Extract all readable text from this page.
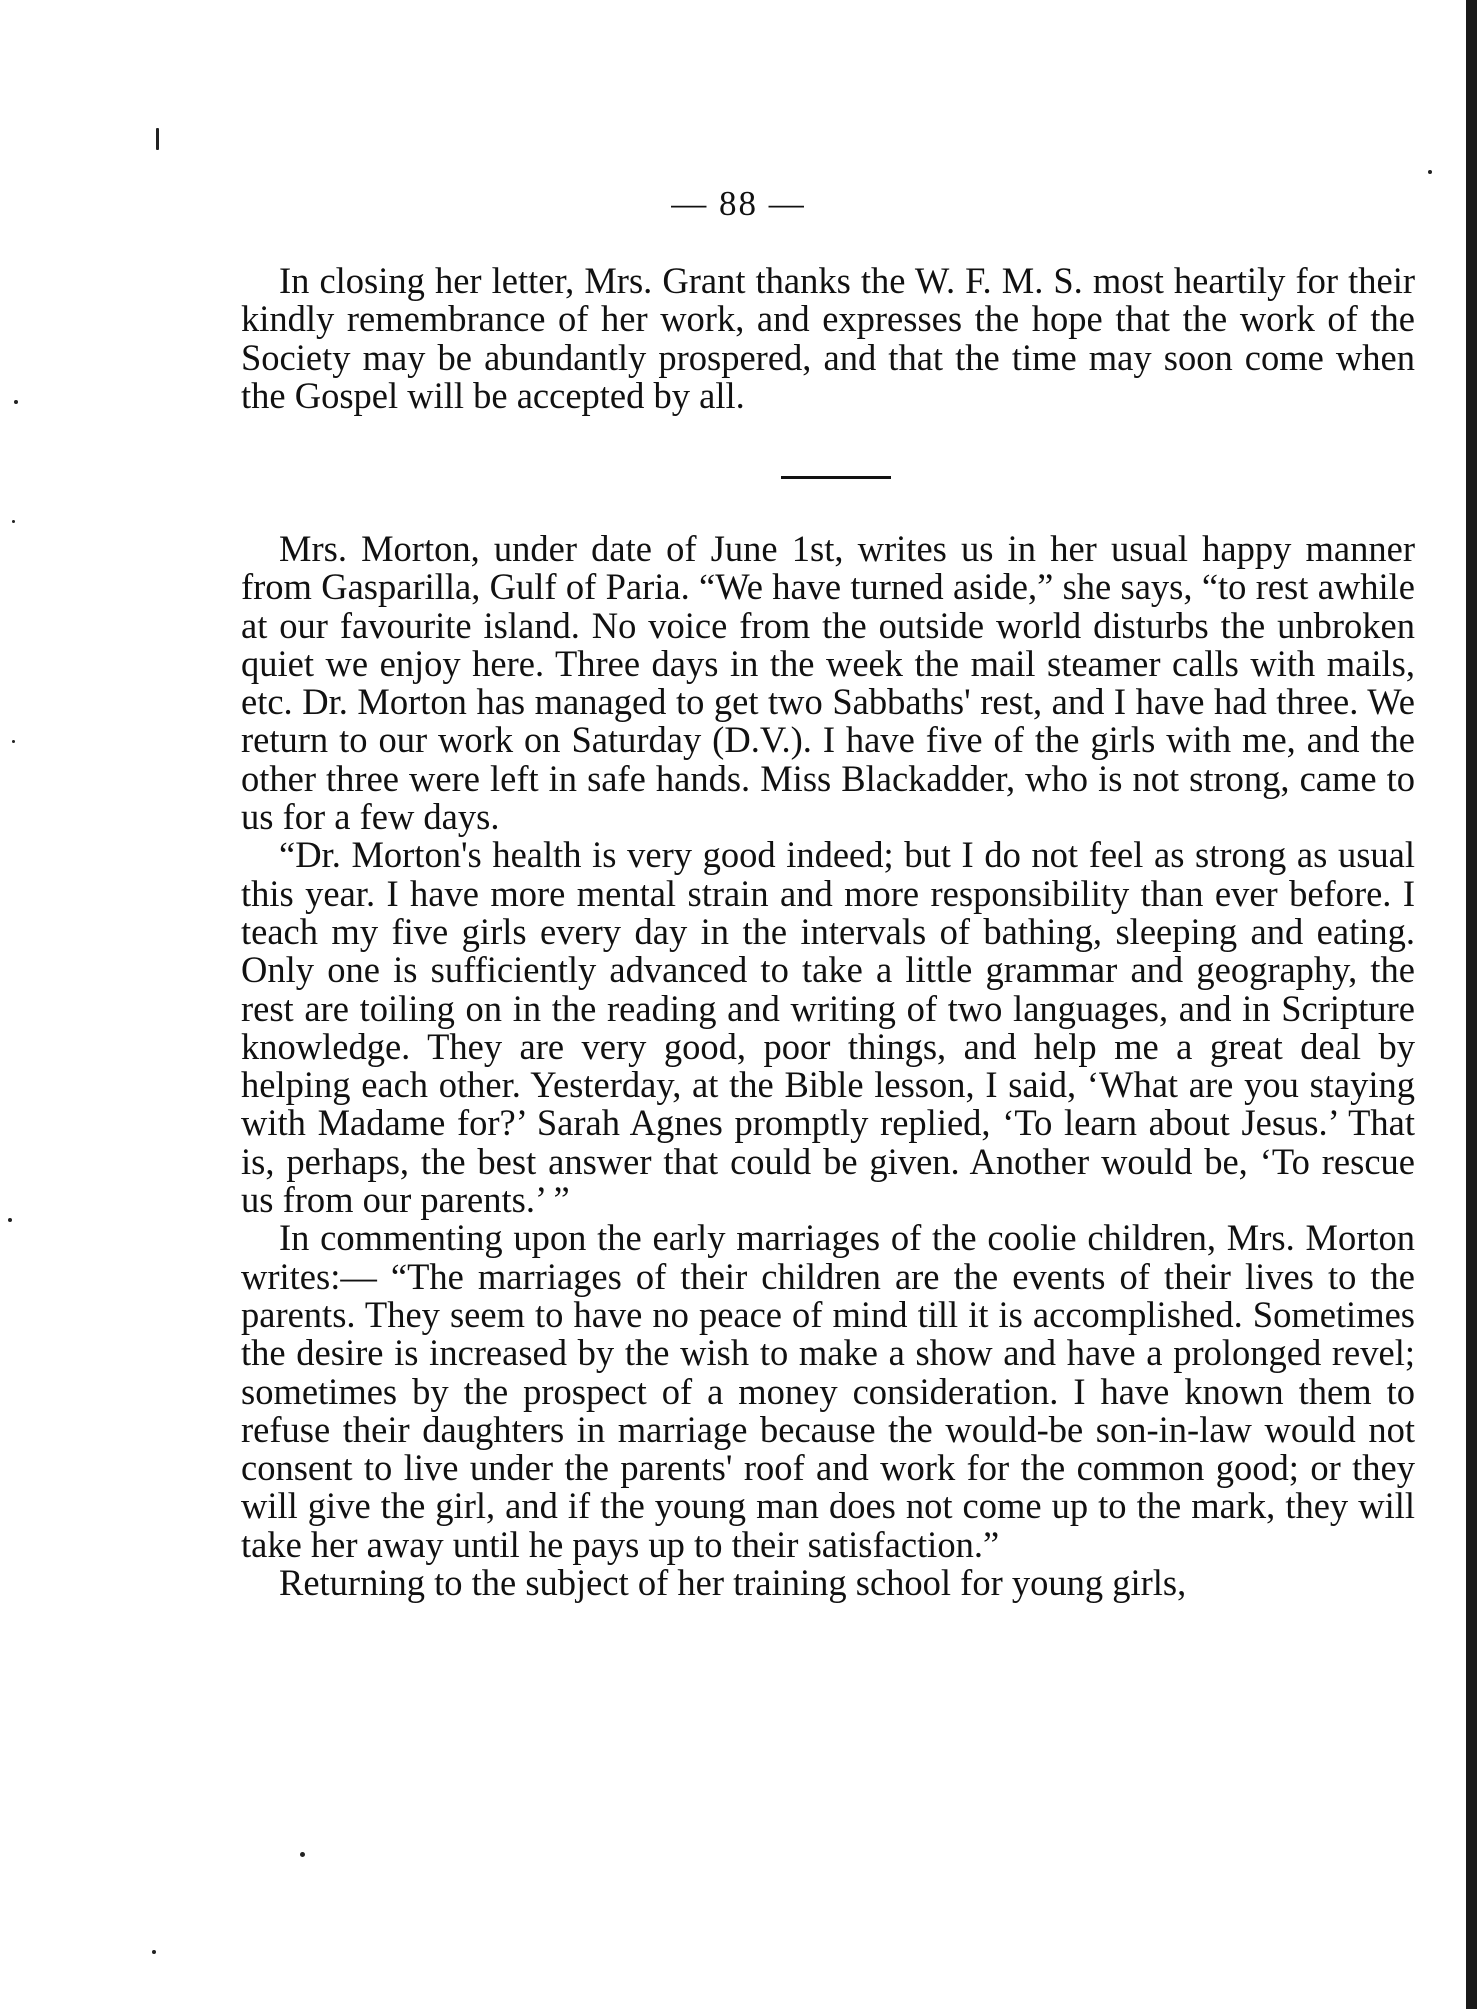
— 88 —

In closing her letter, Mrs. Grant thanks the W. F. M. S. most heartily for their kindly remembrance of her work, and expresses the hope that the work of the Society may be abundantly prospered, and that the time may soon come when the Gospel will be accepted by all.

Mrs. Morton, under date of June 1st, writes us in her usual happy manner from Gasparilla, Gulf of Paria. “We have turned aside,” she says, “to rest awhile at our favourite island. No voice from the outside world disturbs the unbroken quiet we enjoy here. Three days in the week the mail steamer calls with mails, etc. Dr. Morton has managed to get two Sabbaths' rest, and I have had three. We return to our work on Saturday (D.V.). I have five of the girls with me, and the other three were left in safe hands. Miss Blackadder, who is not strong, came to us for a few days.

“Dr. Morton's health is very good indeed; but I do not feel as strong as usual this year. I have more mental strain and more responsibility than ever before. I teach my five girls every day in the intervals of bathing, sleeping and eating. Only one is sufficiently advanced to take a little grammar and geography, the rest are toiling on in the reading and writing of two languages, and in Scripture knowledge. They are very good, poor things, and help me a great deal by helping each other. Yesterday, at the Bible lesson, I said, ‘What are you staying with Madame for?’ Sarah Agnes promptly replied, ‘To learn about Jesus.’ That is, perhaps, the best answer that could be given. Another would be, ‘To rescue us from our parents.’ ”

In commenting upon the early marriages of the coolie children, Mrs. Morton writes:— “The marriages of their children are the events of their lives to the parents. They seem to have no peace of mind till it is accomplished. Sometimes the desire is increased by the wish to make a show and have a prolonged revel; sometimes by the prospect of a money consideration. I have known them to refuse their daughters in marriage because the would-be son-in-law would not consent to live under the parents' roof and work for the common good; or they will give the girl, and if the young man does not come up to the mark, they will take her away until he pays up to their satisfaction.”

Returning to the subject of her training school for young girls,
